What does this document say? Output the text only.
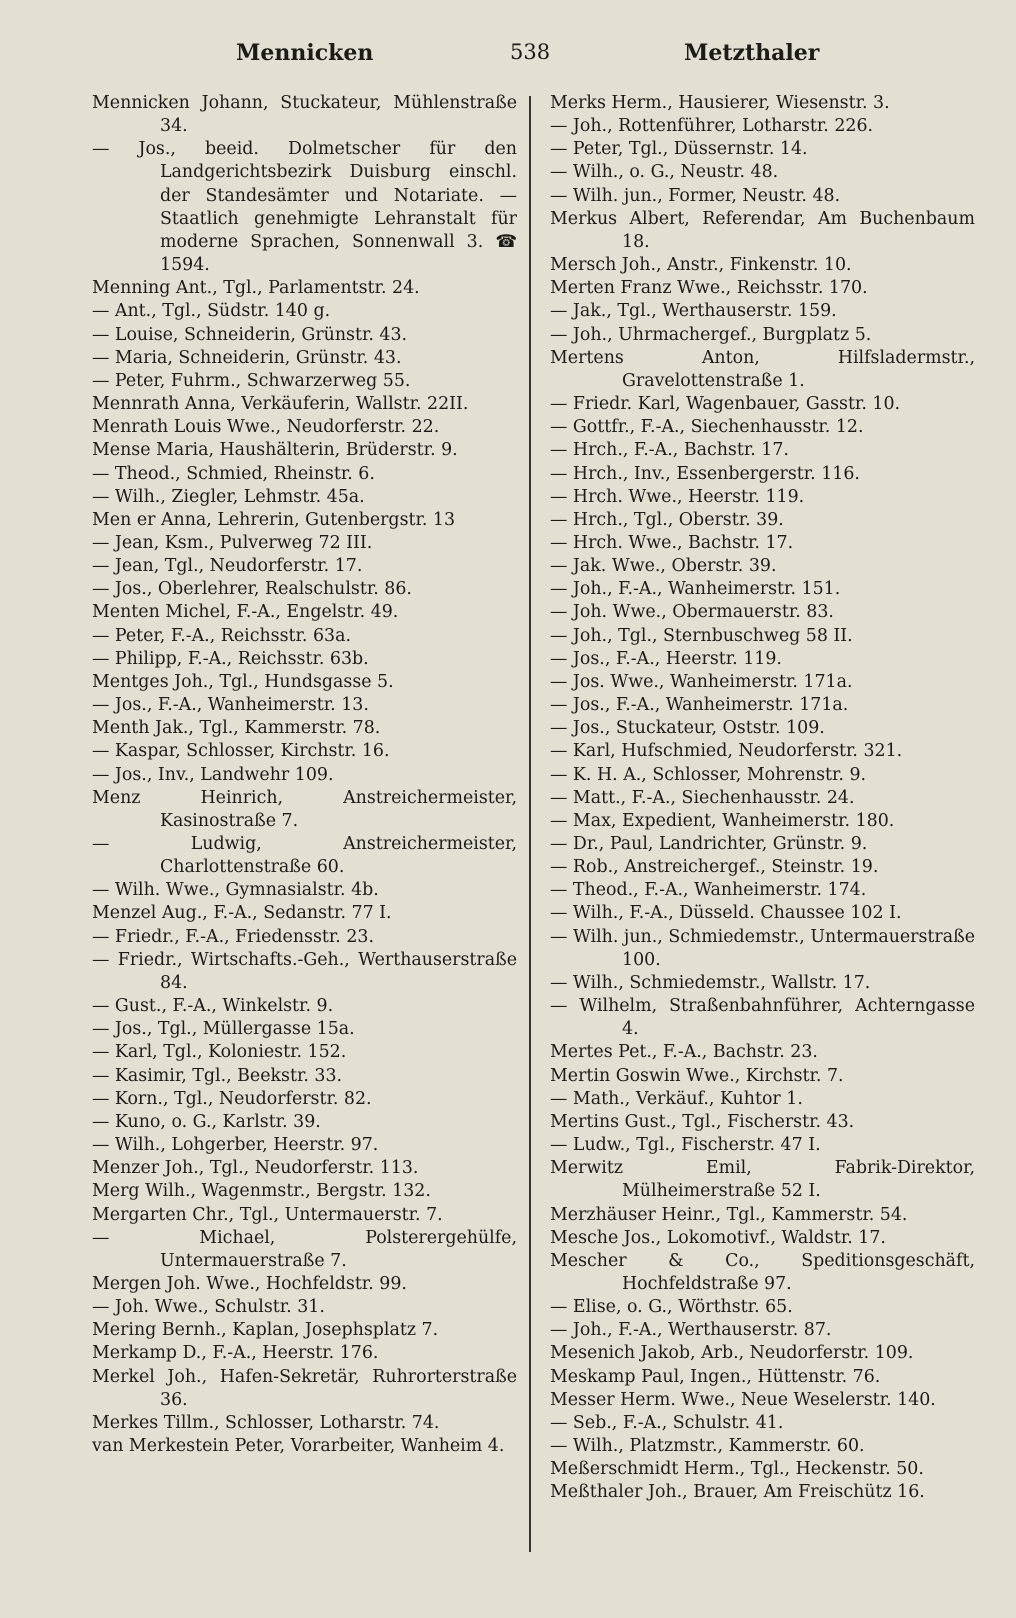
Mennicken	538	Metzthaler

Mennicken Johann, Stuckateur, Mühlenstraße 34.

— Jos., beeid. Dolmetscher für den Landgerichtsbezirk Duisburg einschl. der Standesämter und Notariate. — Staatlich genehmigte Lehranstalt für moderne Sprachen, Sonnenwall 3. ☎ 1594.

Menning Ant., Tgl., Parlamentstr. 24.

— Ant., Tgl., Südstr. 140 g.

— Louise, Schneiderin, Grünstr. 43.

— Maria, Schneiderin, Grünstr. 43.

— Peter, Fuhrm., Schwarzerweg 55.

Mennrath Anna, Verkäuferin, Wallstr. 22II.

Menrath Louis Wwe., Neudorferstr. 22.

Mense Maria, Haushälterin, Brüderstr. 9.

— Theod., Schmied, Rheinstr. 6.

— Wilh., Ziegler, Lehmstr. 45a.

Men er Anna, Lehrerin, Gutenbergstr. 13

— Jean, Ksm., Pulverweg 72 III.

— Jean, Tgl., Neudorferstr. 17.

— Jos., Oberlehrer, Realschulstr. 86.

Menten Michel, F.-A., Engelstr. 49.

— Peter, F.-A., Reichsstr. 63a.

— Philipp, F.-A., Reichsstr. 63b.

Mentges Joh., Tgl., Hundsgasse 5.

— Jos., F.-A., Wanheimerstr. 13.

Menth Jak., Tgl., Kammerstr. 78.

— Kaspar, Schlosser, Kirchstr. 16.

— Jos., Inv., Landwehr 109.

Menz Heinrich, Anstreichermeister, Kasinostraße 7.

— Ludwig, Anstreichermeister, Charlottenstraße 60.

— Wilh. Wwe., Gymnasialstr. 4b.

Menzel Aug., F.-A., Sedanstr. 77 I.

— Friedr., F.-A., Friedensstr. 23.

— Friedr., Wirtschafts.-Geh., Werthauserstraße 84.

— Gust., F.-A., Winkelstr. 9.

— Jos., Tgl., Müllergasse 15a.

— Karl, Tgl., Koloniestr. 152.

— Kasimir, Tgl., Beekstr. 33.

— Korn., Tgl., Neudorferstr. 82.

— Kuno, o. G., Karlstr. 39.

— Wilh., Lohgerber, Heerstr. 97.

Menzer Joh., Tgl., Neudorferstr. 113.

Merg Wilh., Wagenmstr., Bergstr. 132.

Mergarten Chr., Tgl., Untermauerstr. 7.

— Michael, Polsterergehülfe, Untermauerstraße 7.

Mergen Joh. Wwe., Hochfeldstr. 99.

— Joh. Wwe., Schulstr. 31.

Mering Bernh., Kaplan, Josephsplatz 7.

Merkamp D., F.-A., Heerstr. 176.

Merkel Joh., Hafen-Sekretär, Ruhrorterstraße 36.

Merkes Tillm., Schlosser, Lotharstr. 74.

van Merkestein Peter, Vorarbeiter, Wanheim 4.

Merks Herm., Hausierer, Wiesenstr. 3.

— Joh., Rottenführer, Lotharstr. 226.

— Peter, Tgl., Düssernstr. 14.

— Wilh., o. G., Neustr. 48.

— Wilh. jun., Former, Neustr. 48.

Merkus Albert, Referendar, Am Buchenbaum 18.

Mersch Joh., Anstr., Finkenstr. 10.

Merten Franz Wwe., Reichsstr. 170.

— Jak., Tgl., Werthauserstr. 159.

— Joh., Uhrmachergef., Burgplatz 5.

Mertens Anton, Hilfsladermstr., Gravelottenstraße 1.

— Friedr. Karl, Wagenbauer, Gasstr. 10.

— Gottfr., F.-A., Siechenhausstr. 12.

— Hrch., F.-A., Bachstr. 17.

— Hrch., Inv., Essenbergerstr. 116.

— Hrch. Wwe., Heerstr. 119.

— Hrch., Tgl., Oberstr. 39.

— Hrch. Wwe., Bachstr. 17.

— Jak. Wwe., Oberstr. 39.

— Joh., F.-A., Wanheimerstr. 151.

— Joh. Wwe., Obermauerstr. 83.

— Joh., Tgl., Sternbuschweg 58 II.

— Jos., F.-A., Heerstr. 119.

— Jos. Wwe., Wanheimerstr. 171a.

— Jos., F.-A., Wanheimerstr. 171a.

— Jos., Stuckateur, Oststr. 109.

— Karl, Hufschmied, Neudorferstr. 321.

— K. H. A., Schlosser, Mohrenstr. 9.

— Matt., F.-A., Siechenhausstr. 24.

— Max, Expedient, Wanheimerstr. 180.

— Dr., Paul, Landrichter, Grünstr. 9.

— Rob., Anstreichergef., Steinstr. 19.

— Theod., F.-A., Wanheimerstr. 174.

— Wilh., F.-A., Düsseld. Chaussee 102 I.

— Wilh. jun., Schmiedemstr., Untermauerstraße 100.

— Wilh., Schmiedemstr., Wallstr. 17.

— Wilhelm, Straßenbahnführer, Achterngasse 4.

Mertes Pet., F.-A., Bachstr. 23.

Mertin Goswin Wwe., Kirchstr. 7.

— Math., Verkäuf., Kuhtor 1.

Mertins Gust., Tgl., Fischerstr. 43.

— Ludw., Tgl., Fischerstr. 47 I.

Merwitz Emil, Fabrik-Direktor, Mülheimerstraße 52 I.

Merzhäuser Heinr., Tgl., Kammerstr. 54.

Mesche Jos., Lokomotivf., Waldstr. 17.

Mescher & Co., Speditionsgeschäft, Hochfeldstraße 97.

— Elise, o. G., Wörthstr. 65.

— Joh., F.-A., Werthauserstr. 87.

Mesenich Jakob, Arb., Neudorferstr. 109.

Meskamp Paul, Ingen., Hüttenstr. 76.

Messer Herm. Wwe., Neue Weselerstr. 140.

— Seb., F.-A., Schulstr. 41.

— Wilh., Platzmstr., Kammerstr. 60.

Meßerschmidt Herm., Tgl., Heckenstr. 50.

Meßthaler Joh., Brauer, Am Freischütz 16.
